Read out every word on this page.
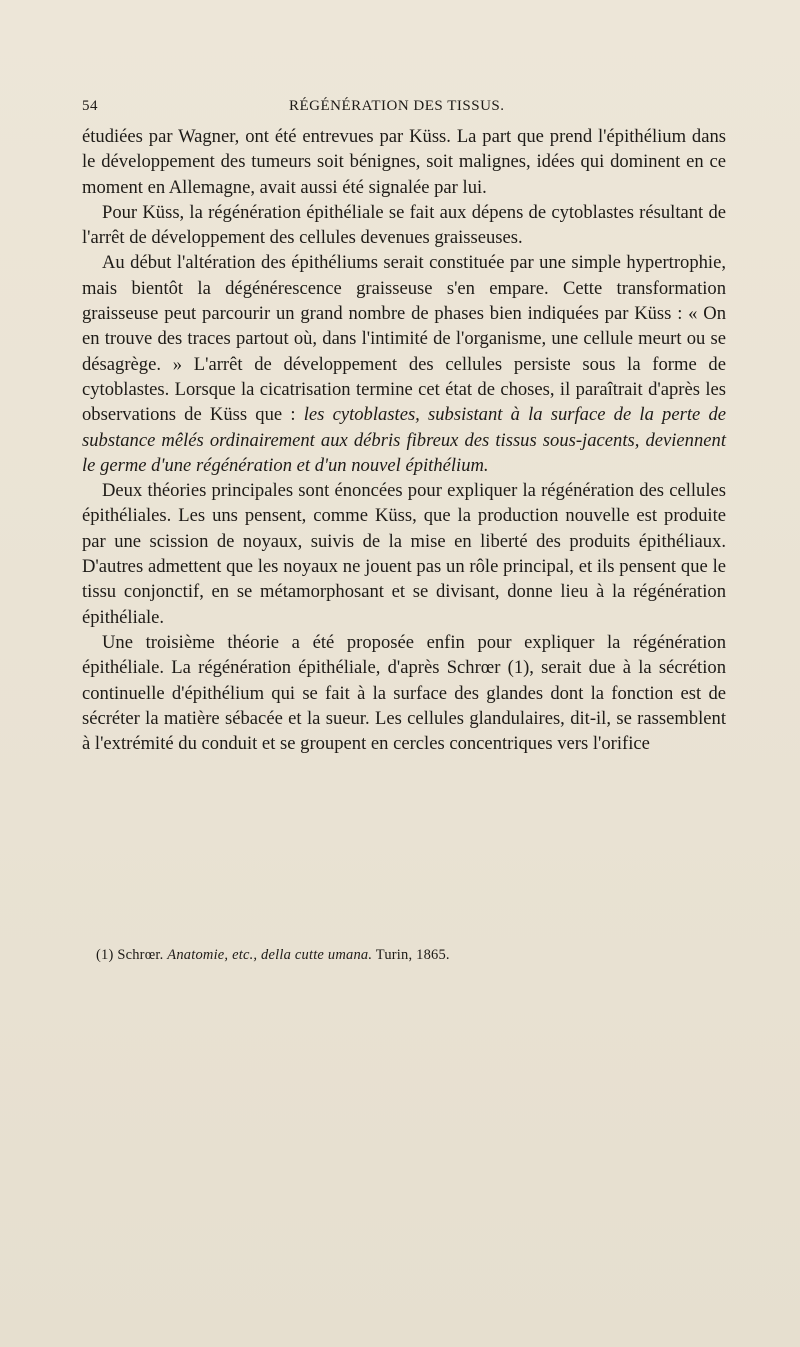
54	RÉGÉNÉRATION DES TISSUS.

étudiées par Wagner, ont été entrevues par Küss. La part que prend l'épithélium dans le développement des tumeurs soit bénignes, soit malignes, idées qui dominent en ce moment en Allemagne, avait aussi été signalée par lui.

Pour Küss, la régénération épithéliale se fait aux dépens de cytoblastes résultant de l'arrêt de développement des cellules devenues graisseuses.

Au début l'altération des épithéliums serait constituée par une simple hypertrophie, mais bientôt la dégénérescence graisseuse s'en empare. Cette transformation graisseuse peut parcourir un grand nombre de phases bien indiquées par Küss : « On en trouve des traces partout où, dans l'intimité de l'organisme, une cellule meurt ou se désagrège. » L'arrêt de développement des cellules persiste sous la forme de cytoblastes. Lorsque la cicatrisation termine cet état de choses, il paraîtrait d'après les observations de Küss que : les cytoblastes, subsistant à la surface de la perte de substance mêlés ordinairement aux débris fibreux des tissus sous-jacents, deviennent le germe d'une régénération et d'un nouvel épithélium.

Deux théories principales sont énoncées pour expliquer la régénération des cellules épithéliales. Les uns pensent, comme Küss, que la production nouvelle est produite par une scission de noyaux, suivis de la mise en liberté des produits épithéliaux. D'autres admettent que les noyaux ne jouent pas un rôle principal, et ils pensent que le tissu conjonctif, en se métamorphosant et se divisant, donne lieu à la régénération épithéliale.

Une troisième théorie a été proposée enfin pour expliquer la régénération épithéliale. La régénération épithéliale, d'après Schrœr (1), serait due à la sécrétion continuelle d'épithélium qui se fait à la surface des glandes dont la fonction est de sécréter la matière sébacée et la sueur. Les cellules glandulaires, dit-il, se rassemblent à l'extrémité du conduit et se groupent en cercles concentriques vers l'orifice

(1) Schrœr. Anatomie, etc., della cutte umana. Turin, 1865.
